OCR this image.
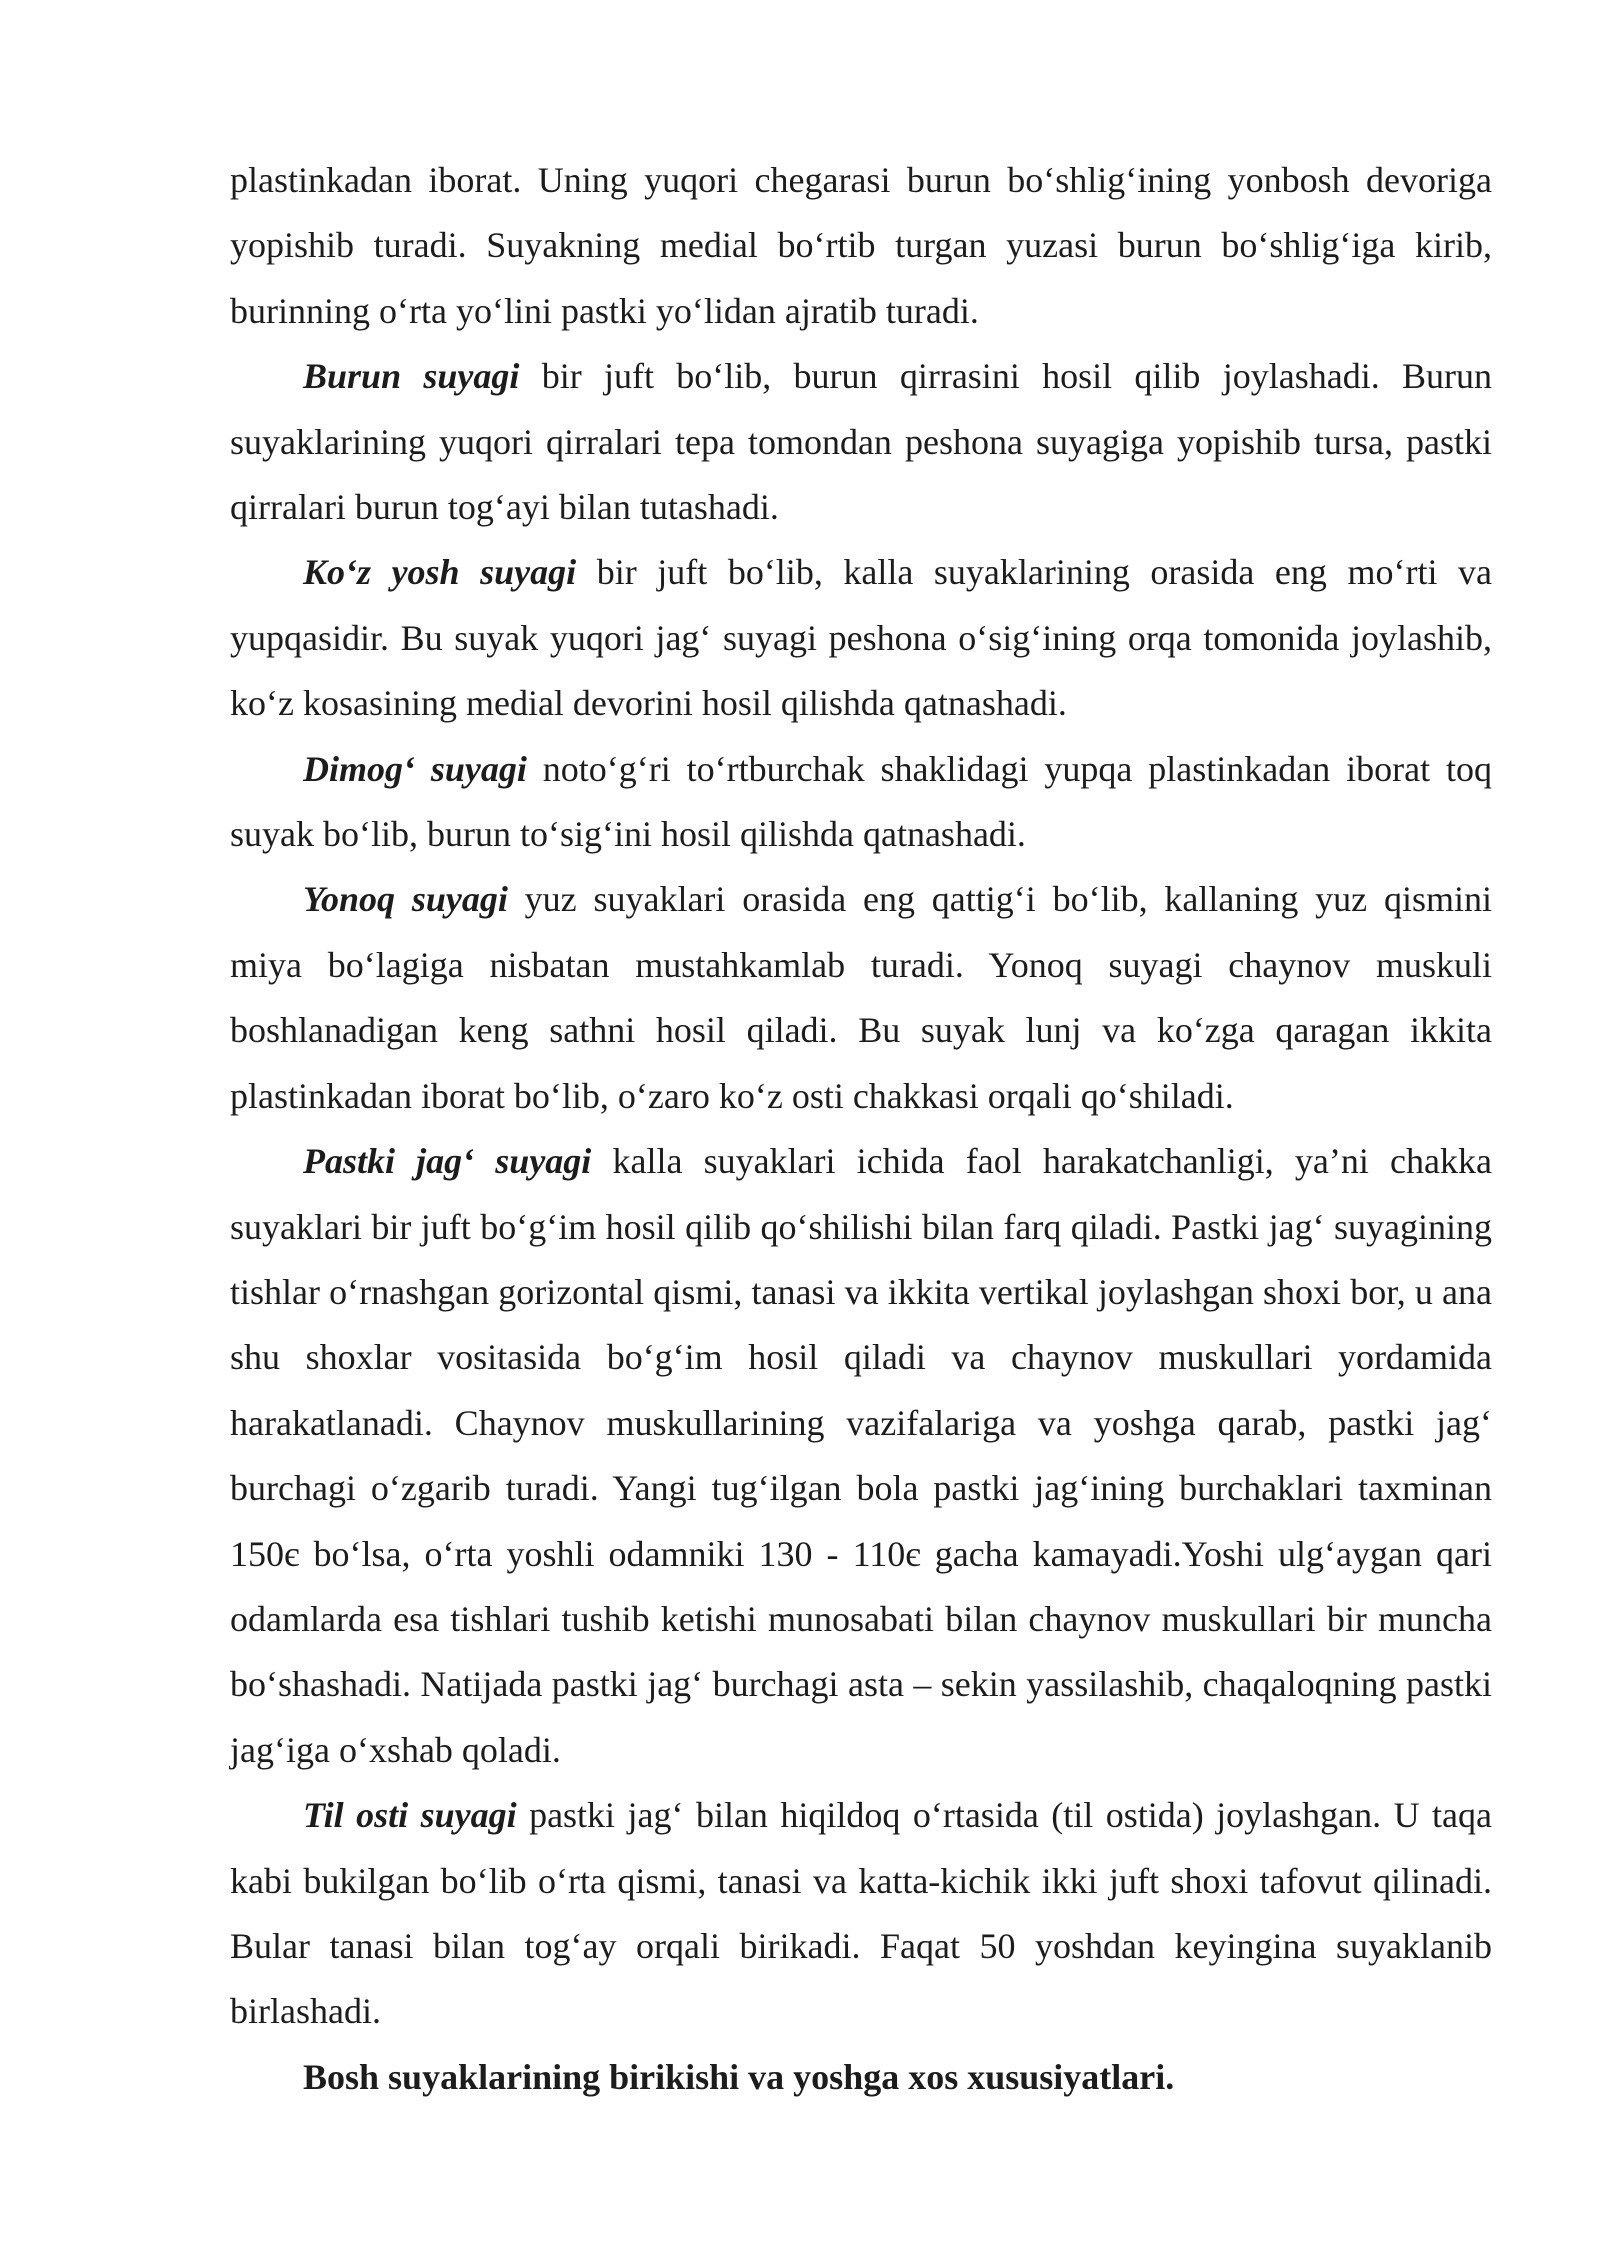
plastinkadan iborat. Uning yuqori chegarasi burun bo‘shlig‘ining yonbosh devoriga yopishib turadi. Suyakning medial bo‘rtib turgan yuzasi burun bo‘shlig‘iga kirib, burinning o‘rta yo‘lini pastki yo‘lidan ajratib turadi.

Burun suyagi bir juft bo‘lib, burun qirrasini hosil qilib joylashadi. Burun suyaklarining yuqori qirralari tepa tomondan peshona suyagiga yopishib tursa, pastki qirralari burun tog‘ayi bilan tutashadi.

Ko‘z yosh suyagi bir juft bo‘lib, kalla suyaklarining orasida eng mo‘rti va yupqasidir. Bu suyak yuqori jag‘ suyagi peshona o‘sig‘ining orqa tomonida joylashib, ko‘z kosasining medial devorini hosil qilishda qatnashadi.

Dimog‘ suyagi noto‘g‘ri to‘rtburchak shaklidagi yupqa plastinkadan iborat toq suyak bo‘lib, burun to‘sig‘ini hosil qilishda qatnashadi.

Yonoq suyagi yuz suyaklari orasida eng qattig‘i bo‘lib, kallaning yuz qismini miya bo‘lagiga nisbatan mustahkamlab turadi. Yonoq suyagi chaynov muskuli boshlanadigan keng sathni hosil qiladi. Bu suyak lunj va ko‘zga qaragan ikkita plastinkadan iborat bo‘lib, o‘zaro ko‘z osti chakkasi orqali qo‘shiladi.

Pastki jag‘ suyagi kalla suyaklari ichida faol harakatchanligi, ya’ni chakka suyaklari bir juft bo‘g‘im hosil qilib qo‘shilishi bilan farq qiladi. Pastki jag‘ suyagining tishlar o‘rnashgan gorizontal qismi, tanasi va ikkita vertikal joylashgan shoxi bor, u ana shu shoxlar vositasida bo‘g‘im hosil qiladi va chaynov muskullari yordamida harakatlanadi. Chaynov muskullarining vazifalariga va yoshga qarab, pastki jag‘ burchagi o‘zgarib turadi. Yangi tug‘ilgan bola pastki jag‘ining burchaklari taxminan 150є bo‘lsa, o‘rta yoshli odamniki 130 - 110є gacha kamayadi.Yoshi ulg‘aygan qari odamlarda esa tishlari tushib ketishi munosabati bilan chaynov muskullari bir muncha bo‘shashadi. Natijada pastki jag‘ burchagi asta – sekin yassilashib, chaqaloqning pastki jag‘iga o‘xshab qoladi.

Til osti suyagi pastki jag‘ bilan hiqildoq o‘rtasida (til ostida) joylashgan. U taqa kabi bukilgan bo‘lib o‘rta qismi, tanasi va katta-kichik ikki juft shoxi tafovut qilinadi. Bular tanasi bilan tog‘ay orqali birikadi. Faqat 50 yoshdan keyingina suyaklanib birlashadi.

Bosh suyaklarining birikishi va yoshga xos xususiyatlari.
